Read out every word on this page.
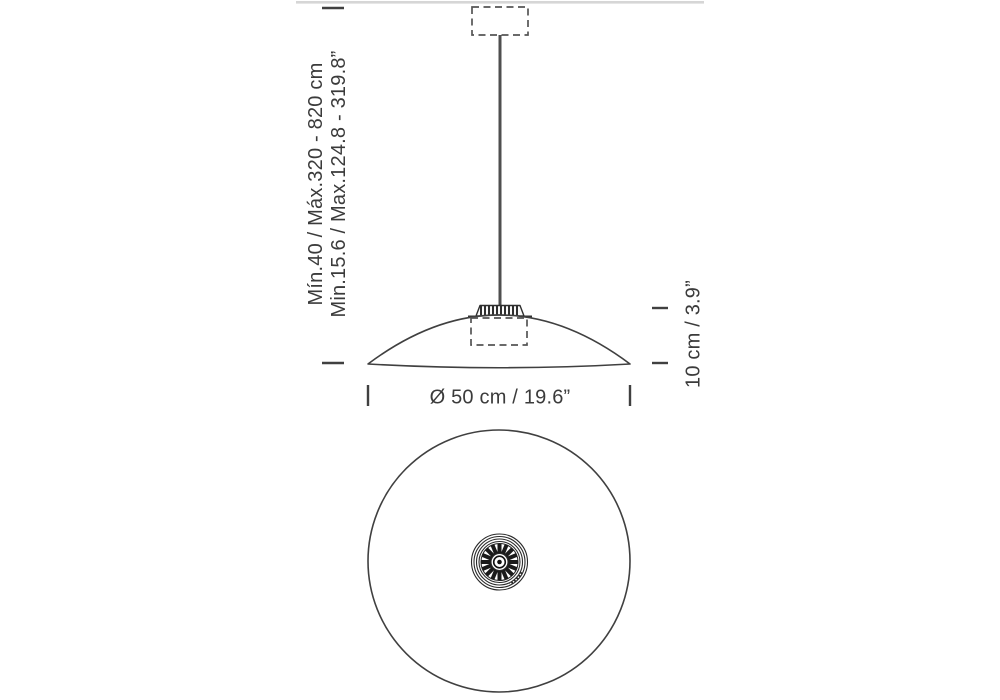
Mín.40 / Máx.320 - 820 cm Min.15.6 / Max.124.8 - 319.8”
10 cm / 3.9”
Ø 50 cm / 19.6”
